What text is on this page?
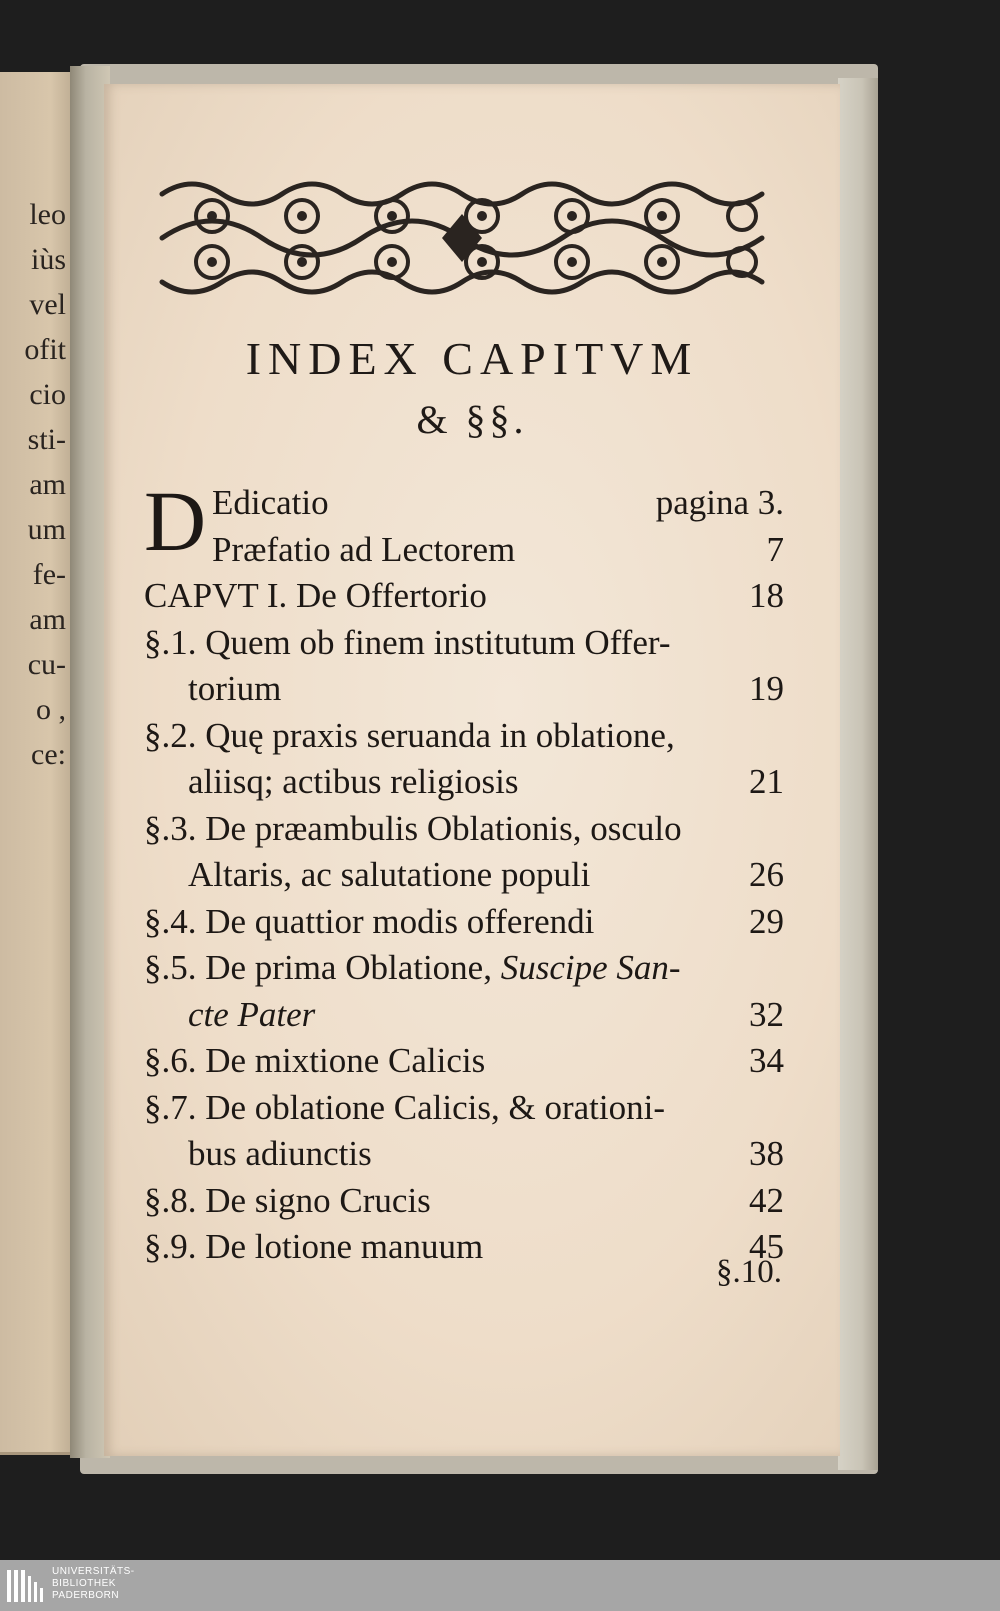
leo
iùs
vel
ofit
cio
sti-
am
um
fe-
am
cu-
o ,
ce:
INDEX CAPITVM
& §§.
D Edicatio	pagina 3.
Præfatio ad Lectorem	7
CAPVT I. De Offertorio	18
§.1. Quem ob finem institutum Offer-
torium	19
§.2. Quę praxis seruanda in oblatione,
aliisq; actibus religiosis	21
§.3. De præambulis Oblationis, osculo
Altaris, ac salutatione populi	26
§.4. De quattior modis offerendi	29
§.5. De prima Oblatione, Suscipe San-
cte Pater	32
§.6. De mixtione Calicis	34
§.7. De oblatione Calicis, & orationi-
bus adiunctis	38
§.8. De signo Crucis	42
§.9. De lotione manuum	45
§.10.
UNIVERSITÄTS-
BIBLIOTHEK
PADERBORN
